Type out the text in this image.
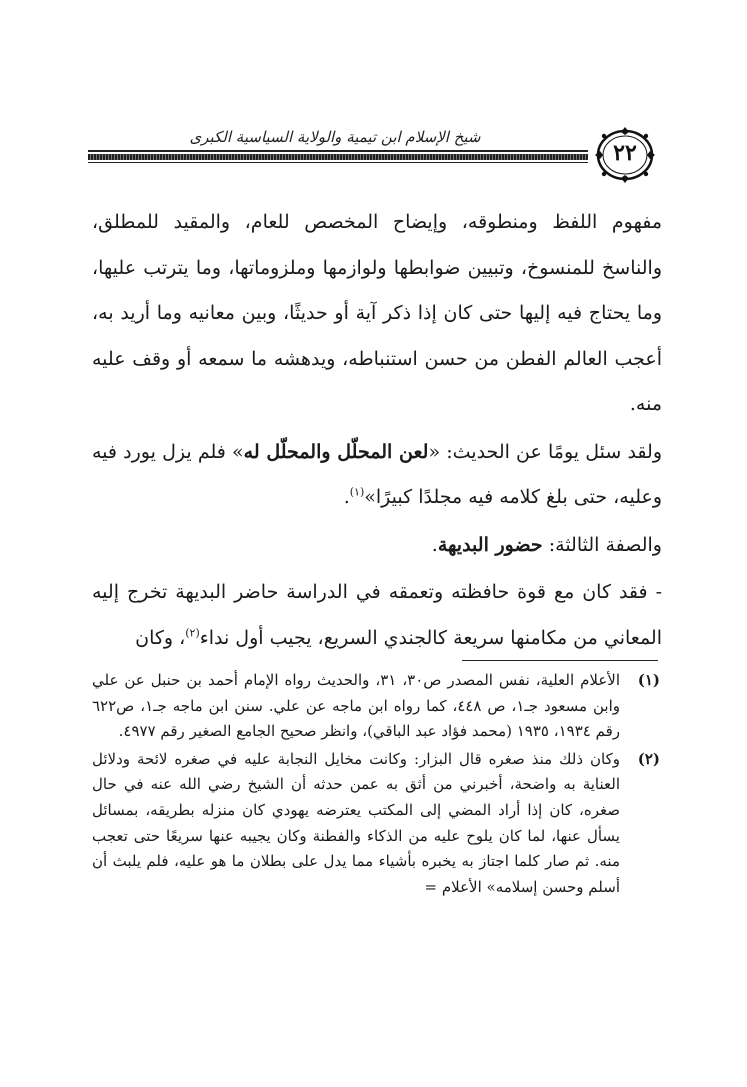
شيخ الإسلام ابن تيمية والولاية السياسية الكبرى
٢٢

مفهوم اللفظ ومنطوقه، وإيضاح المخصص للعام، والمقيد للمطلق، والناسخ للمنسوخ، وتبيين ضوابطها ولوازمها وملزوماتها، وما يترتب عليها، وما يحتاج فيه إليها حتى كان إذا ذكر آية أو حديثًا، وبين معانيه وما أريد به، أعجب العالم الفطن من حسن استنباطه، ويدهشه ما سمعه أو وقف عليه منه.

ولقد سئل يومًا عن الحديث: «لعن المحلّل والمحلّل له» فلم يزل يورد فيه وعليه، حتى بلغ كلامه فيه مجلدًا كبيرًا»$^{(١)}$.

والصفة الثالثة: حضور البديهة.

- فقد كان مع قوة حافظته وتعمقه في الدراسة حاضر البديهة تخرج إليه المعاني من مكامنها سريعة كالجندي السريع، يجيب أول نداء$^{(٢)}$، وكان

(١)
الأعلام العلية، نفس المصدر ص٣٠، ٣١، والحديث رواه الإمام أحمد بن حنبل عن علي وابن مسعود جـ١، ص ٤٤٨، كما رواه ابن ماجه عن علي. سنن ابن ماجه جـ١، ص٦٢٢ رقم ١٩٣٤، ١٩٣٥ (محمد فؤاد عبد الباقي)، وانظر صحيح الجامع الصغير رقم ٤٩٧٧.
(٢)
وكان ذلك منذ صغره قال البزار: وكانت مخايل النجابة عليه في صغره لائحة ودلائل العناية به واضحة، أخبرني من أثق به عمن حدثه أن الشيخ رضي الله عنه في حال صغره، كان إذا أراد المضي إلى المكتب يعترضه يهودي كان منزله بطريقه، بمسائل يسأل عنها، لما كان يلوح عليه من الذكاء والفطنة وكان يجيبه عنها سريعًا حتى تعجب منه. ثم صار كلما اجتاز به يخبره بأشياء مما يدل على بطلان ما هو عليه، فلم يلبث أن أسلم وحسن إسلامه» الأعلام =
